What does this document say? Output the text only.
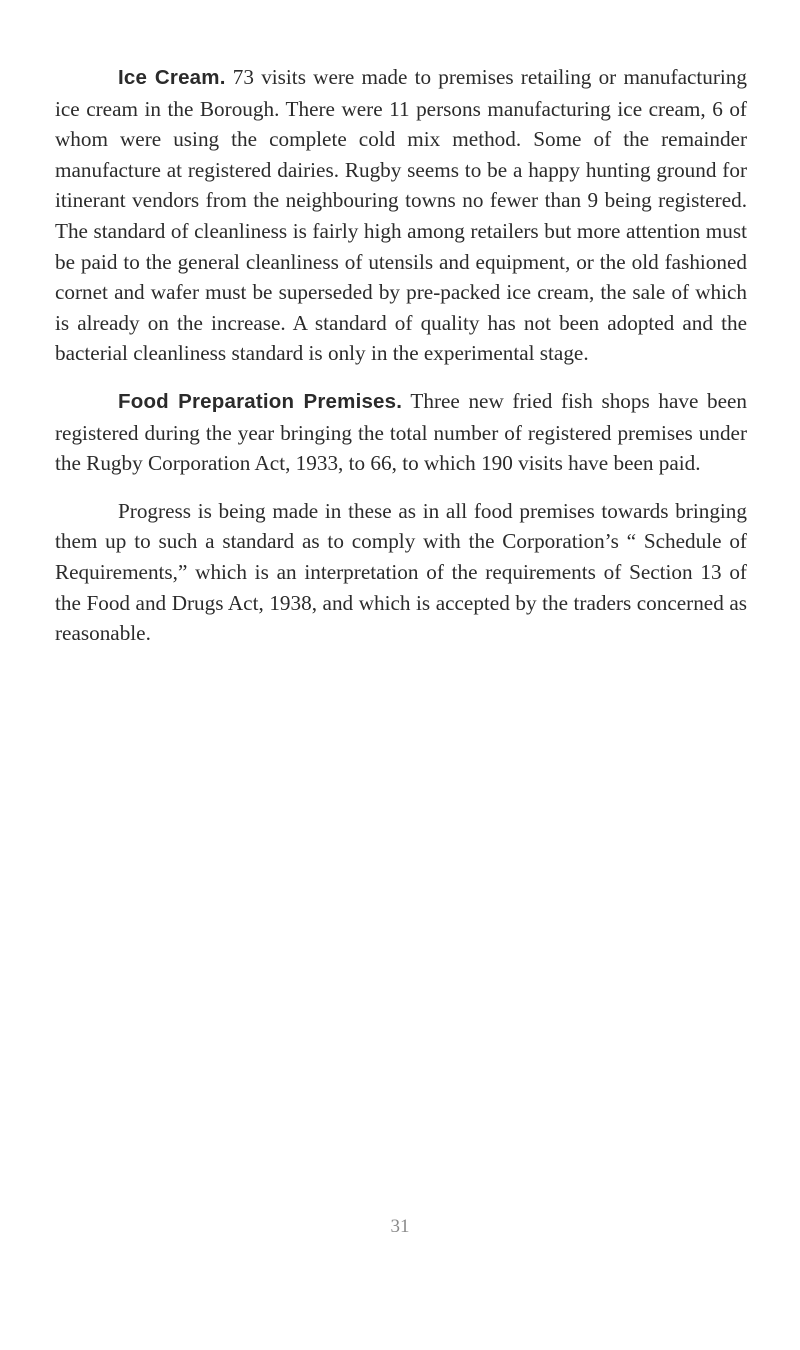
Ice Cream. 73 visits were made to premises retailing or manufacturing ice cream in the Borough. There were 11 persons manufacturing ice cream, 6 of whom were using the complete cold mix method. Some of the remainder manufacture at registered dairies. Rugby seems to be a happy hunting ground for itinerant vendors from the neighbouring towns no fewer than 9 being registered. The standard of cleanliness is fairly high among retailers but more attention must be paid to the general cleanliness of utensils and equipment, or the old fashioned cornet and wafer must be superseded by pre-packed ice cream, the sale of which is already on the increase. A standard of quality has not been adopted and the bacterial cleanliness standard is only in the experimental stage.

Food Preparation Premises. Three new fried fish shops have been registered during the year bringing the total number of registered premises under the Rugby Corporation Act, 1933, to 66, to which 190 visits have been paid.

Progress is being made in these as in all food premises towards bringing them up to such a standard as to comply with the Corporation’s “ Schedule of Requirements,” which is an interpretation of the requirements of Section 13 of the Food and Drugs Act, 1938, and which is accepted by the traders concerned as reasonable.

31
